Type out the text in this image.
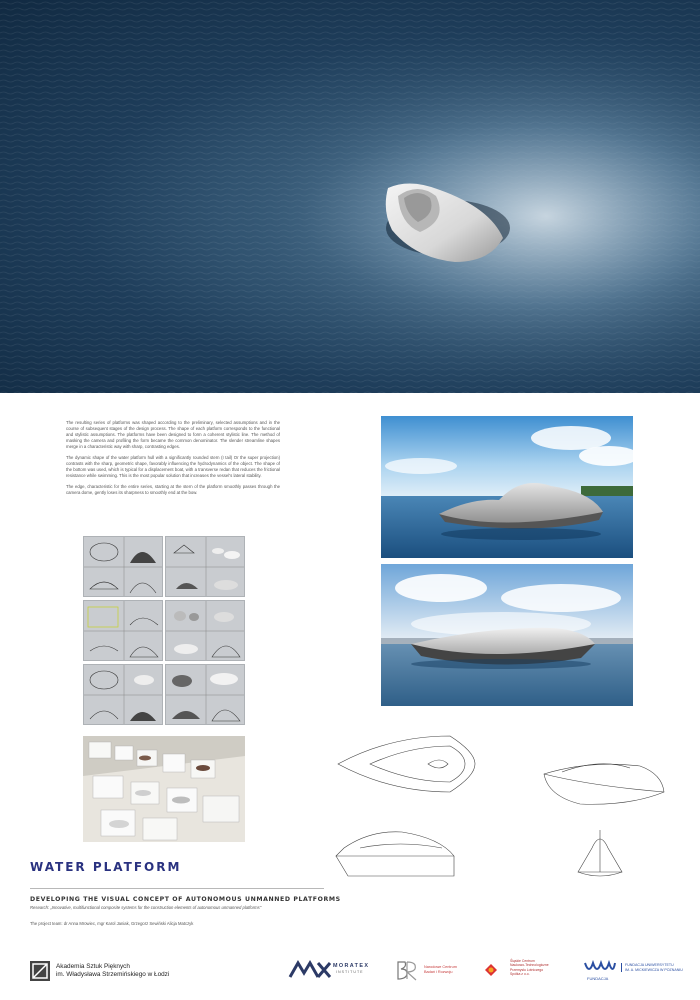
The resulting series of platforms was shaped according to the preliminary, selected assumptions and in the course of subsequent stages of the design process. The shape of each platform corresponds to the functional and stylistic assumptions. The platforms have been designed to form a coherent stylistic line. The method of masking the camera and profiling the form became the common denominator. The slender streamline shapes merge in a characteristic way with sharp, contrasting edges.

The dynamic shape of the water platform hull with a significantly rounded stern (I tail) Or the super projection) contrasts with the sharp, geometric shape, favorably influencing the hydrodynamics of the object. The shape of the bottom was used, which is typical for a displacement boat, with a transverse redan that reduces the frictional resistance while swimming. This is the most popular solution that increases the vessel's lateral stability.

The edge, characteristic for the entire series, starting at the stern of the platform smoothly passes through the camera dome, gently loses its sharpness to smoothly end at the bow.

WATER PLATFORM
DEVELOPING THE VISUAL CONCEPT OF AUTONOMOUS UNMANNED PLATFORMS
Research: „Innovative, multifunctional composite systems for the construction elements of autonomous unmanned platforms"
The project team: dr Anna Mrowiec, mgr Karol Janiak, Grzegorz Sewiński Alicja Matczyk
Akademia Sztuk Pięknych
im. Władysława Strzemińskiego w Łodzi
MORATEX
INSTITUTE
Narodowe Centrum
Badań i Rozwoju
Śląskie Centrum
Naukowo-Technologiczne
Przemysłu Lotniczego
Spółka z o.o.
FUNDACJA
FUNDACJA UNIWERSYTETU
IM. A. MICKIEWICZA W POZNANIU
